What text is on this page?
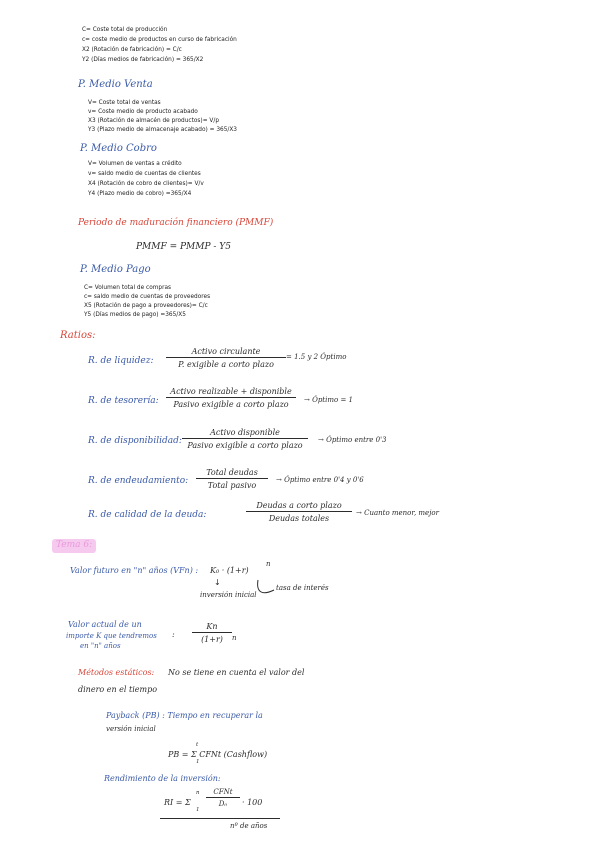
C= Coste total de producción
c= coste medio de productos en curso de fabricación
X2 (Rotación de fabricación) = C/c
Y2 (Días medios de fabricación) = 365/X2
P. Medio Venta
V= Coste total de ventas
v= Coste medio de producto acabado
X3 (Rotación de almacén de productos)= V/p
Y3 (Plazo medio de almacenaje acabado) = 365/X3
P. Medio Cobro
V= Volumen de ventas a crédito
v= saldo medio de cuentas de clientes
X4 (Rotación de cobro de clientes)= V/v
Y4 (Plazo medio de cobro) =365/X4
Periodo de maduración financiero (PMMF)
PMMF = PMMP - Y5
P. Medio Pago
C= Volumen total de compras
c= saldo medio de cuentas de proveedores
X5 (Rotación de pago a proveedores)= C/c
Y5 (Días medios de pago) =365/X5
Ratios:
R. de liquidez:
Activo circulante
P. exigible a corto plazo
= 1.5 y 2 Óptimo
R. de tesorería:
Activo realizable + disponible
Pasivo exigible a corto plazo	→ Óptimo = 1
R. de disponibilidad:
Activo disponible
Pasivo exigible a corto plazo
→ Óptimo entre 0'3
R. de endeudamiento:
Total deudas
Total pasivo
→ Óptimo entre 0'4 y 0'6
R. de calidad de la deuda:
Deudas a corto plazo
Deudas totales
→ Cuanto menor, mejor
Tema 6:
Valor futuro en "n" años (VFn) : K₀ · (1+r)
n
↓
inversión inicial
tasa de interés
Valor actual de un
importe K que tendremos
en "n" años
:
Kn
(1+r)	n
Métodos estáticos: No se tiene en cuenta el valor del
dinero en el tiempo
Payback (PB) : Tiempo en recuperar la
versión inicial
PB = Σ CFNt (Cashflow)
t
1
Rendimiento de la inversión:
RI = Σ
n
1
CFNt
D₀	· 100
nº de años
